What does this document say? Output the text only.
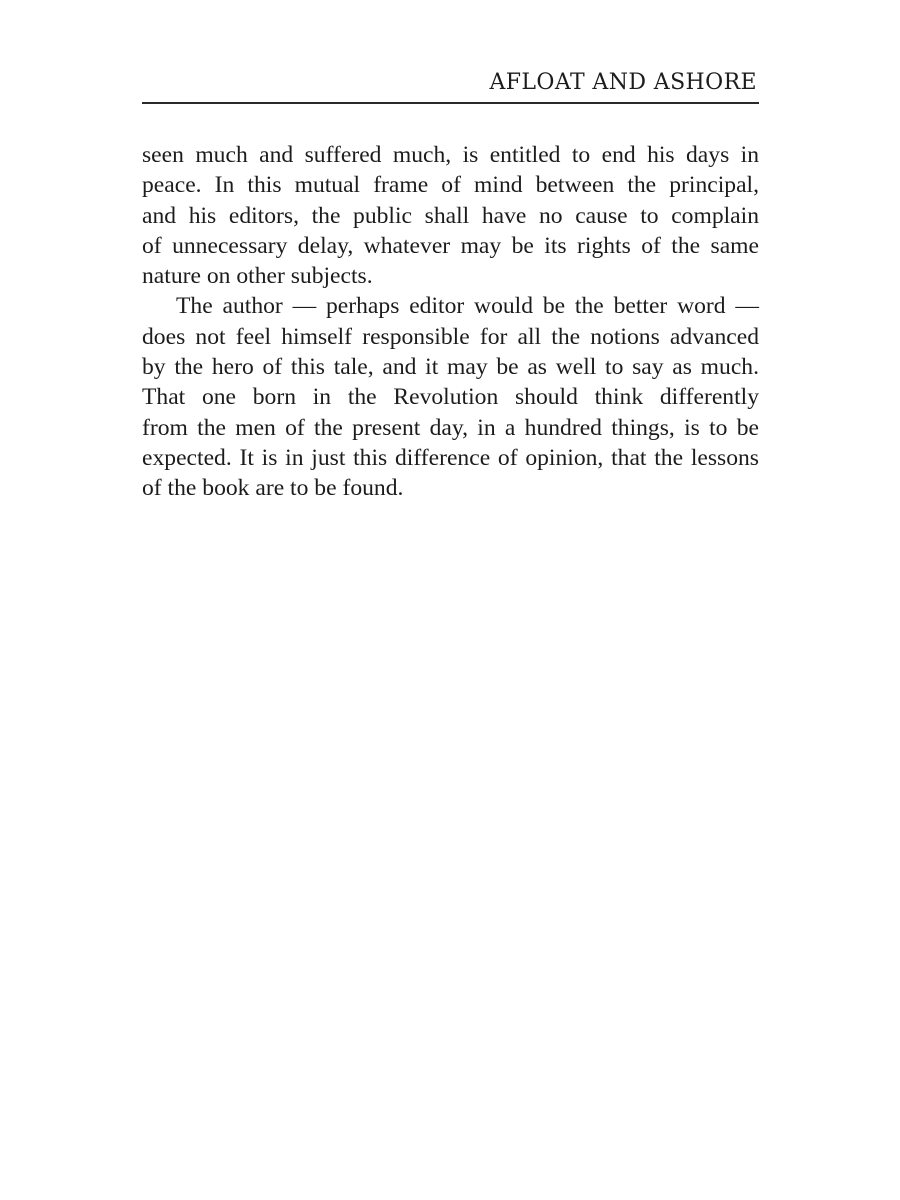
AFLOAT AND ASHORE
seen much and suffered much, is entitled to end his days in
peace. In this mutual frame of mind between the principal,
and his editors, the public shall have no cause to complain
of unnecessary delay, whatever may be its rights of the same
nature on other subjects.
The author — perhaps editor would be the better word —
does not feel himself responsible for all the notions advanced
by the hero of this tale, and it may be as well to say as much.
That one born in the Revolution should think differently
from the men of the present day, in a hundred things, is to be
expected. It is in just this difference of opinion, that the lessons
of the book are to be found.
